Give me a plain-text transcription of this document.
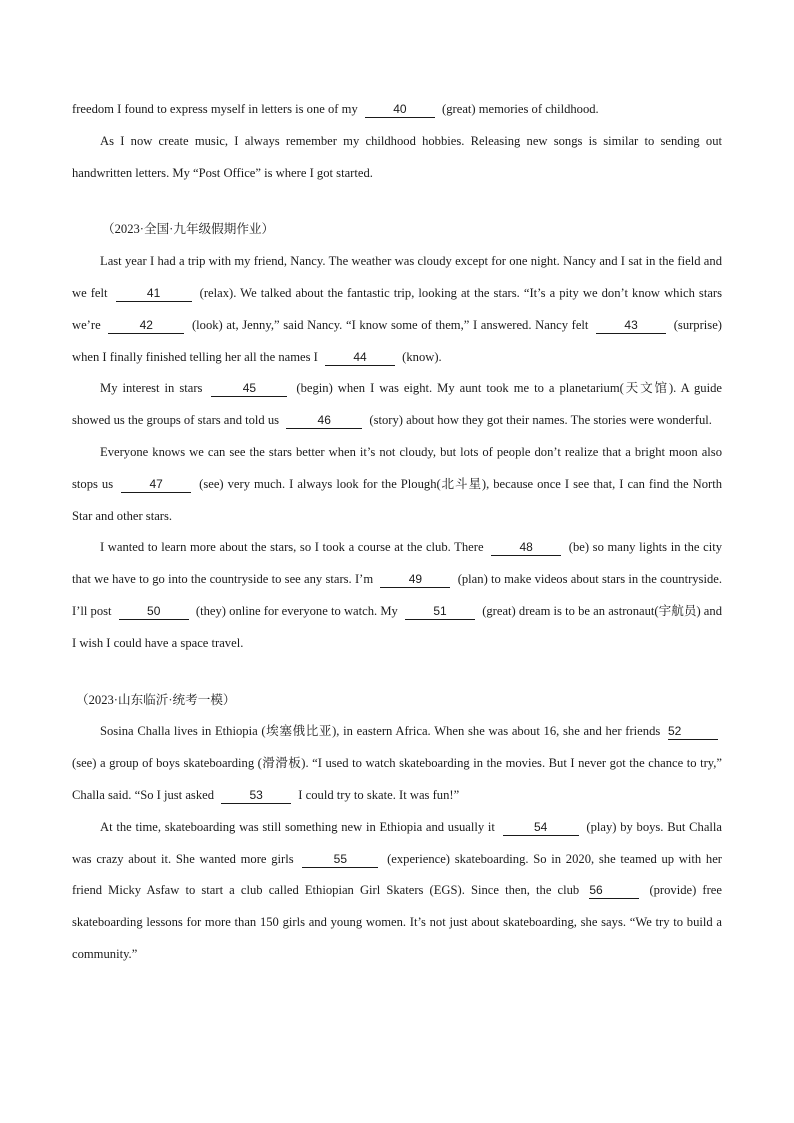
freedom I found to express myself in letters is one of my	40	(great) memories of childhood.

As I now create music, I always remember my childhood hobbies. Releasing new songs is similar to sending out handwritten letters. My “Post Office” is where I got started.

（2023·全国·九年级假期作业）

Last year I had a trip with my friend, Nancy. The weather was cloudy except for one night. Nancy and I sat in the field and we felt	41	(relax). We talked about the fantastic trip, looking at the stars. “It’s a pity we don’t know which stars we’re	42	(look) at, Jenny,” said Nancy. “I know some of them,” I answered. Nancy felt	43	(surprise) when I finally finished telling her all the names I	44	(know).

My interest in stars	45	(begin) when I was eight. My aunt took me to a planetarium(天文馆). A guide showed us the groups of stars and told us	46	(story) about how they got their names. The stories were wonderful.

Everyone knows we can see the stars better when it’s not cloudy, but lots of people don’t realize that a bright moon also stops us	47	(see) very much. I always look for the Plough(北斗星), because once I see that, I can find the North Star and other stars.

I wanted to learn more about the stars, so I took a course at the club. There	48	(be) so many lights in the city that we have to go into the countryside to see any stars. I’m	49	(plan) to make videos about stars in the countryside. I’ll post	50	(they) online for everyone to watch. My	51	(great) dream is to be an astronaut(宇航员) and I wish I could have a space travel.

（2023·山东临沂·统考一模）

Sosina Challa lives in Ethiopia (埃塞俄比亚), in eastern Africa. When she was about 16, she and her friends 52 (see) a group of boys skateboarding (滑滑板). “I used to watch skateboarding in the movies. But I never got the chance to try,” Challa said. “So I just asked	53	I could try to skate. It was fun!”

At the time, skateboarding was still something new in Ethiopia and usually it	54	(play) by boys. But Challa was crazy about it. She wanted more girls	55	(experience) skateboarding. So in 2020, she teamed up with her friend Micky Asfaw to start a club called Ethiopian Girl Skaters (EGS). Since then, the club 56	(provide) free skateboarding lessons for more than 150 girls and young women. It’s not just about skateboarding, she says. “We try to build a community.”
